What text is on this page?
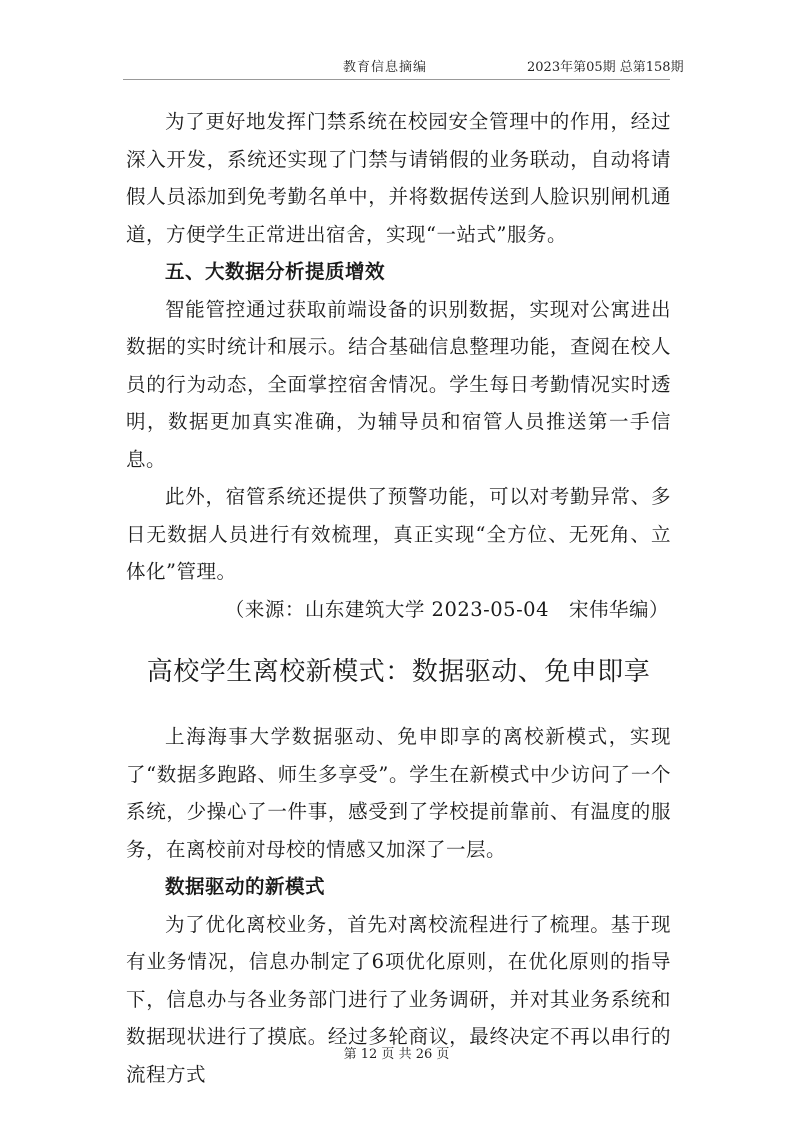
教育信息摘编	2023年第05期 总第158期

为了更好地发挥门禁系统在校园安全管理中的作用，经过深入开发，系统还实现了门禁与请销假的业务联动，自动将请假人员添加到免考勤名单中，并将数据传送到人脸识别闸机通道，方便学生正常进出宿舍，实现“一站式”服务。

五、大数据分析提质增效

智能管控通过获取前端设备的识别数据，实现对公寓进出数据的实时统计和展示。结合基础信息整理功能，查阅在校人员的行为动态，全面掌控宿舍情况。学生每日考勤情况实时透明，数据更加真实准确，为辅导员和宿管人员推送第一手信息。

此外，宿管系统还提供了预警功能，可以对考勤异常、多日无数据人员进行有效梳理，真正实现“全方位、无死角、立体化”管理。

（来源：山东建筑大学 2023-05-04　宋伟华编）

高校学生离校新模式：数据驱动、免申即享

上海海事大学数据驱动、免申即享的离校新模式，实现了“数据多跑路、师生多享受”。学生在新模式中少访问了一个系统，少操心了一件事，感受到了学校提前靠前、有温度的服务，在离校前对母校的情感又加深了一层。

数据驱动的新模式

为了优化离校业务，首先对离校流程进行了梳理。基于现有业务情况，信息办制定了6项优化原则，在优化原则的指导下，信息办与各业务部门进行了业务调研，并对其业务系统和数据现状进行了摸底。经过多轮商议，最终决定不再以串行的流程方式

第 12 页 共 26 页
